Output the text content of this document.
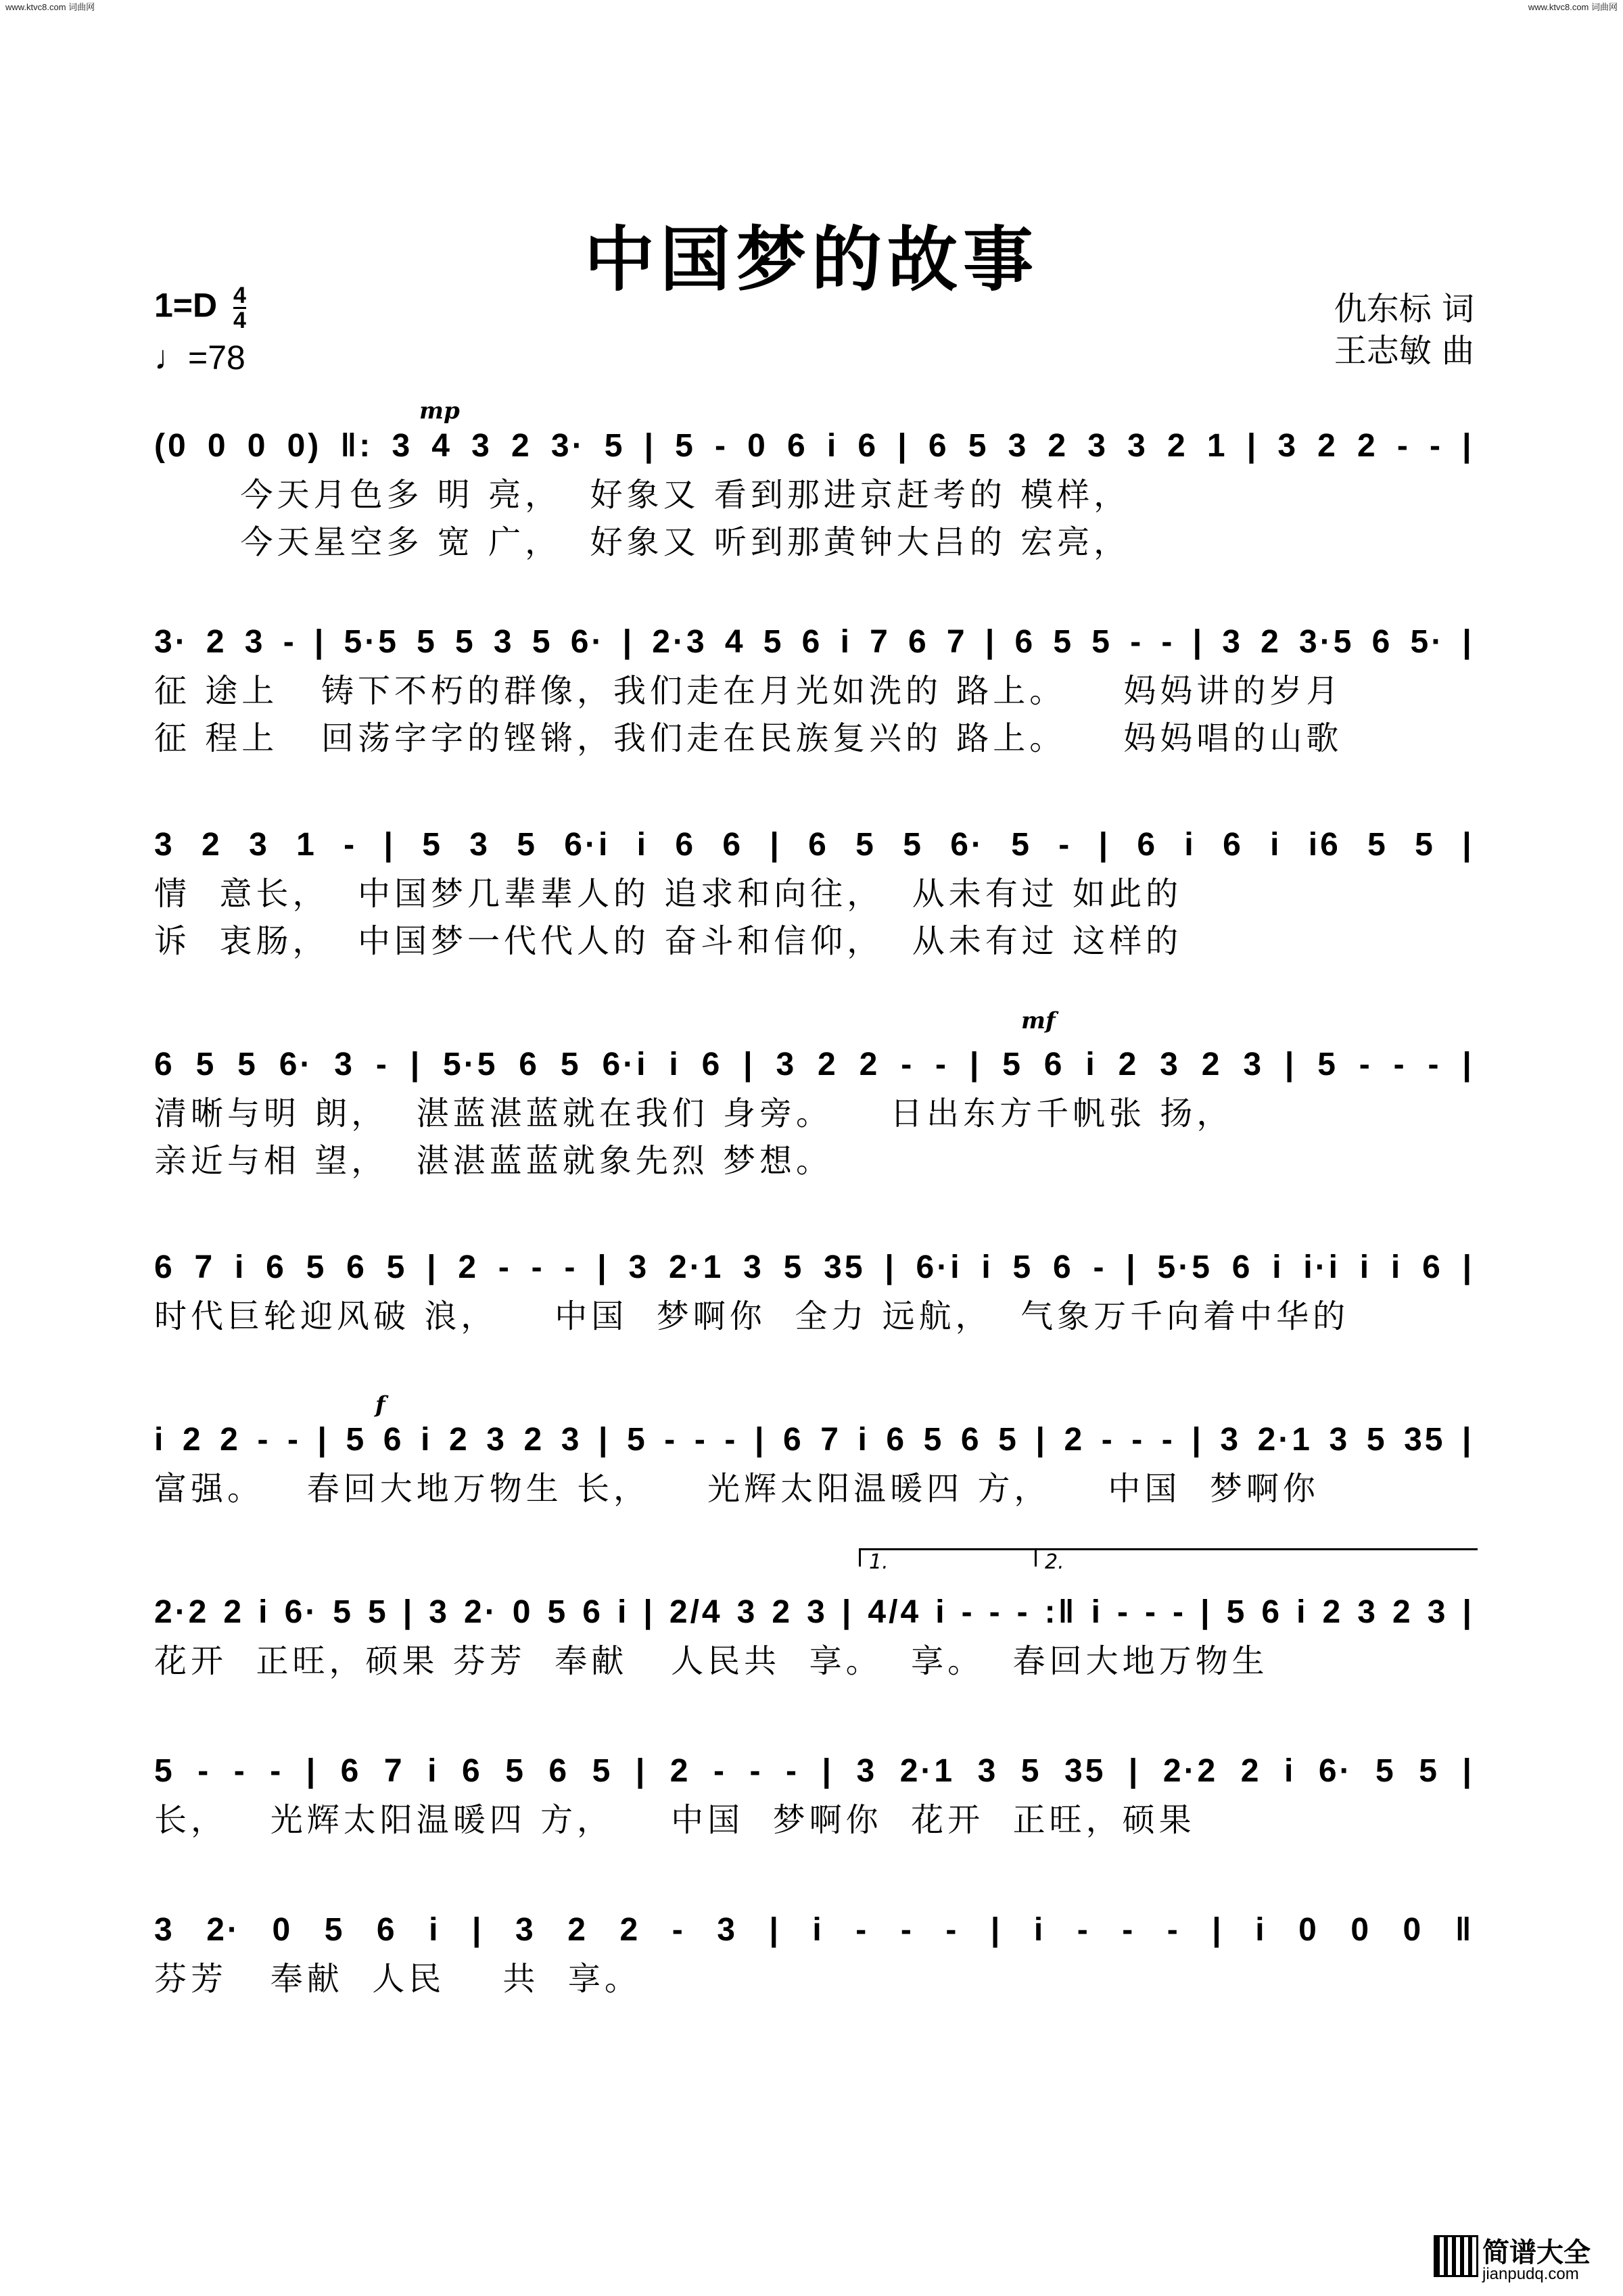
www.ktvc8.com 词曲网	www.ktvc8.com 词曲网
中国梦的故事
$1=D \frac{4}{4}$
♩=78
仇东标 词
王志敏 曲
mp
(0 0 0 0) ‖: 3 4 3 2 3· 5 | 5 - 0 6 i 6 | 6 5 3 2 3 3 2 1 | 3 2 2 - - |
今天月色多 明 亮，  好象又 看到那进京赶考的 模样，
今天星空多 宽 广，  好象又 听到那黄钟大吕的 宏亮，
3· 2 3 - | 5·5 5 5 3 5 6· | 2·3 4 5 6 i 7 6 7 | 6 5 5 - - | 3 2 3·5 6 5· |
征 途上   铸下不朽的群像，我们走在月光如洗的 路上。    妈妈讲的岁月
征 程上   回荡字字的铿锵，我们走在民族复兴的 路上。    妈妈唱的山歌
3 2 3 1 - | 5 3 5 6·i i 6 6 | 6 5 5 6· 5 - | 6 i 6 i i6 5 5 |
情  意长，  中国梦几辈辈人的 追求和向往，  从未有过 如此的
诉  衷肠，  中国梦一代代人的 奋斗和信仰，  从未有过 这样的
mf
6 5 5 6· 3 - | 5·5 6 5 6·i i 6 | 3 2 2 - - | 5 6 i 2 3 2 3 | 5 - - - |
清晰与明 朗，  湛蓝湛蓝就在我们 身旁。    日出东方千帆张 扬，
亲近与相 望，  湛湛蓝蓝就象先烈 梦想。
6 7 i 6 5 6 5 | 2 - - - | 3 2·1 3 5 35 | 6·i i 5 6 - | 5·5 6 i i·i i i 6 |
时代巨轮迎风破 浪，    中国  梦啊你  全力 远航，  气象万千向着中华的
f
i 2 2 - - | 5 6 i 2 3 2 3 | 5 - - - | 6 7 i 6 5 6 5 | 2 - - - | 3 2·1 3 5 35 |
富强。   春回大地万物生 长，    光辉太阳温暖四 方，    中国  梦啊你
1.	2.
2·2 2 i 6· 5 5 | 3 2· 0 5 6 i | 2/4 3 2 3 | 4/4 i - - - :‖ i - - - | 5 6 i 2 3 2 3 |
花开  正旺，硕果 芬芳  奉献   人民共  享。  享。  春回大地万物生
5 - - - | 6 7 i 6 5 6 5 | 2 - - - | 3 2·1 3 5 35 | 2·2 2 i 6· 5 5 |
长，   光辉太阳温暖四 方，    中国  梦啊你  花开  正旺，硕果
3 2· 0 5 6 i | 3 2 2 - 3 | i - - - | i - - - | i 0 0 0 ‖
芬芳   奉献  人民    共  享。
简谱大全
jianpudq.com
